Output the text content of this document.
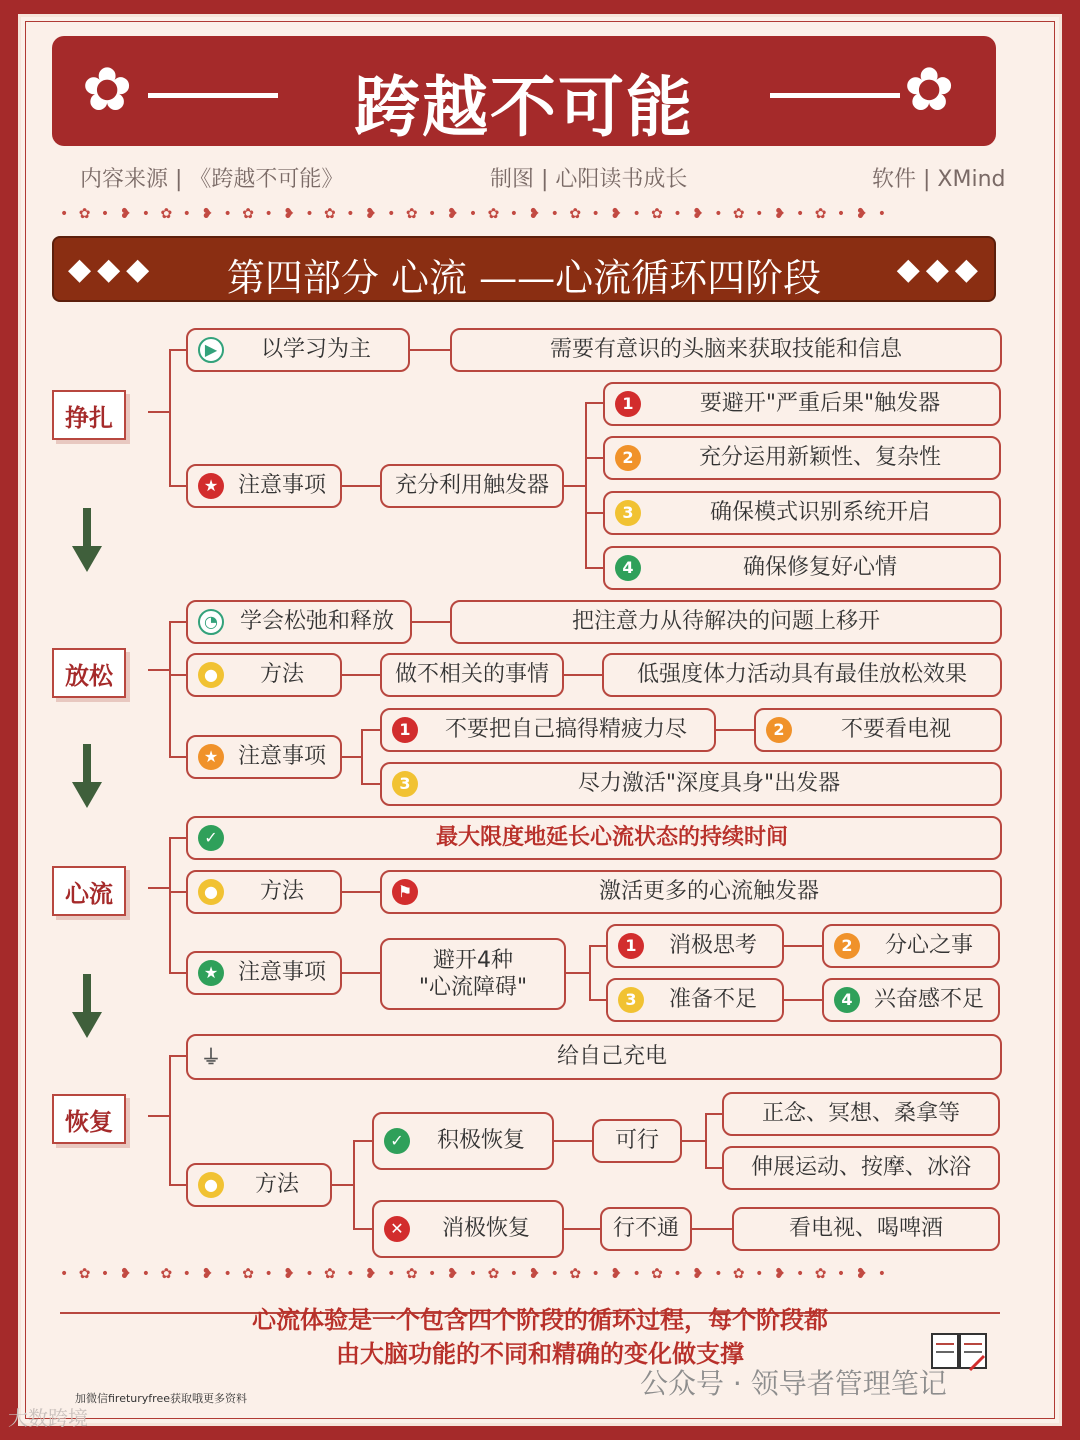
✿	跨越不可能	✿
内容来源 | 《跨越不可能》	制图 | 心阳读书成长	软件 | XMind
• ✿ • ❥ • ✿ • ❥ • ✿ • ❥ • ✿ • ❥ • ✿ • ❥ • ✿ • ❥ • ✿ • ❥ • ✿ • ❥ • ✿ • ❥ • ✿ • ❥ •
◆◆◆	第四部分 心流 ——心流循环四阶段	◆◆◆
挣扎
放松
心流
恢复
▶	以学习为主	需要有意识的头脑来获取技能和信息
★ 注意事项	充分利用触发器
1	要避开"严重后果"触发器
2	充分运用新颖性、复杂性
3	确保模式识别系统开启
4	确保修复好心情
◔	学会松弛和释放	把注意力从待解决的问题上移开
●	方法	做不相关的事情	低强度体力活动具有最佳放松效果
★ 注意事项
1	不要把自己搞得精疲力尽	2	不要看电视
3	尽力激活"深度具身"出发器
✓	最大限度地延长心流状态的持续时间
●	方法	⚑	激活更多的心流触发器
★ 注意事项
避开4种
"心流障碍"
1	消极思考	2	分心之事
3	准备不足	4 兴奋感不足
⏚	给自己充电
●	方法
✓	积极恢复	可行
正念、冥想、桑拿等
伸展运动、按摩、冰浴
✕	消极恢复	行不通	看电视、喝啤酒
• ✿ • ❥ • ✿ • ❥ • ✿ • ❥ • ✿ • ❥ • ✿ • ❥ • ✿ • ❥ • ✿ • ❥ • ✿ • ❥ • ✿ • ❥ • ✿ • ❥ •
心流体验是一个包含四个阶段的循环过程，每个阶段都
由大脑功能的不同和精确的变化做支撑
公众号 · 领导者管理笔记
加微信fireturyfree获取哦更多资料
大数跨境
